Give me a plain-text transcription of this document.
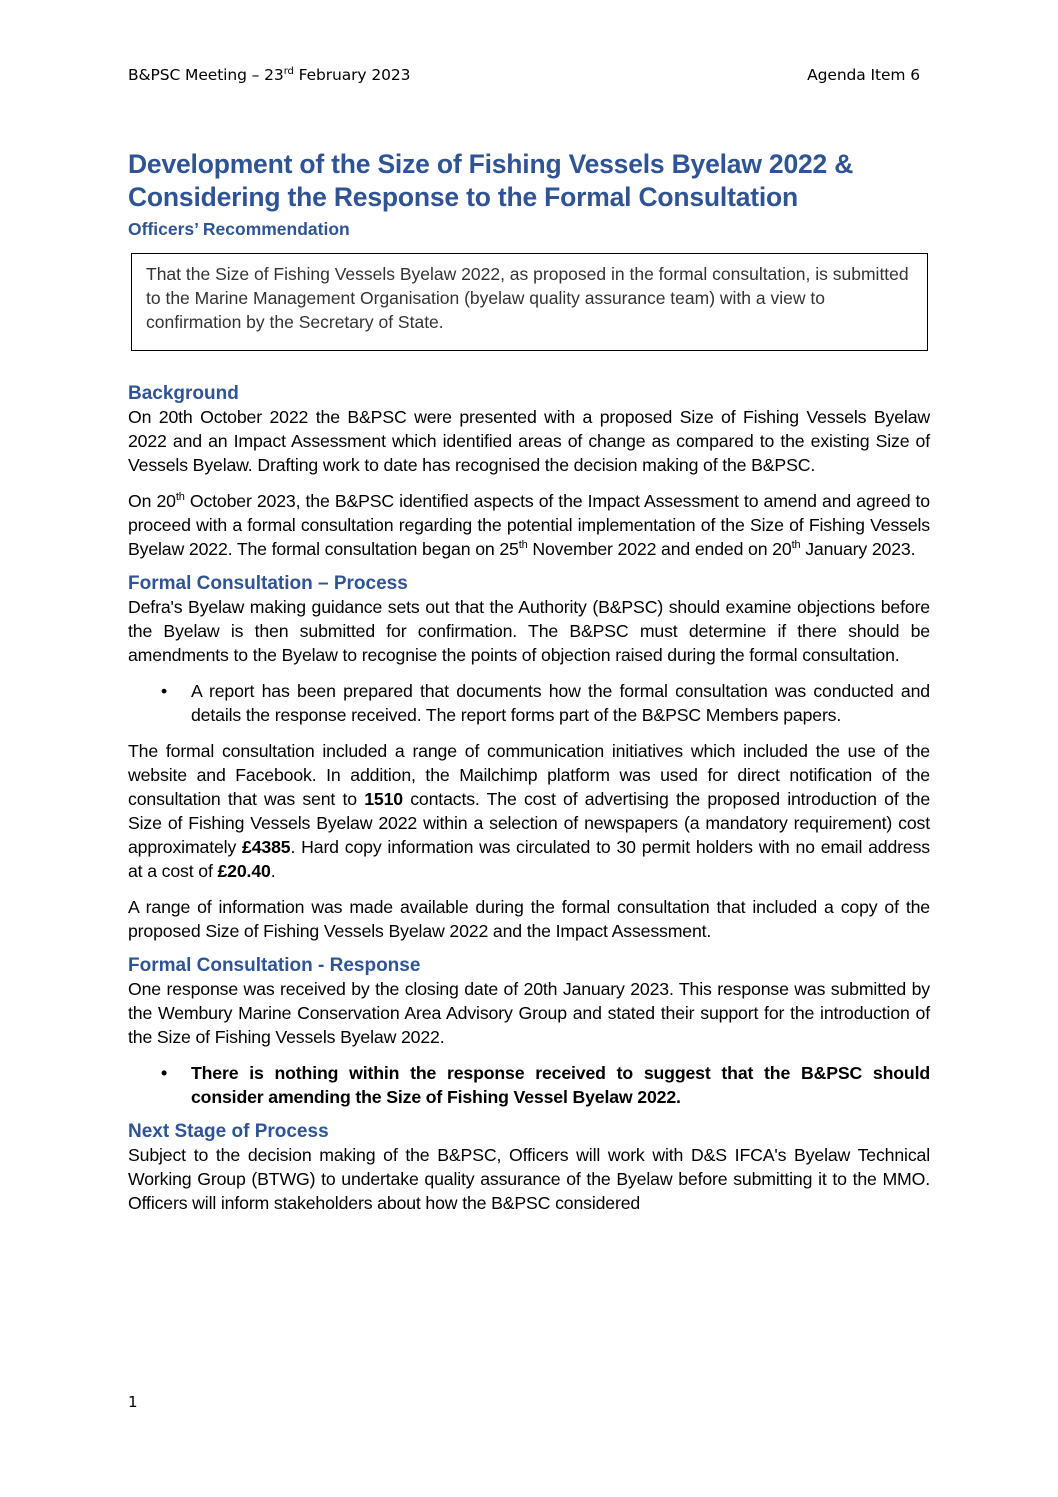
B&PSC Meeting – 23rd February 2023	Agenda Item 6
Development of the Size of Fishing Vessels Byelaw 2022 &
Considering the Response to the Formal Consultation
Officers’ Recommendation
That the Size of Fishing Vessels Byelaw 2022, as proposed in the formal consultation, is submitted to the Marine Management Organisation (byelaw quality assurance team) with a view to confirmation by the Secretary of State.
Background

On 20th October 2022 the B&PSC were presented with a proposed Size of Fishing Vessels Byelaw 2022 and an Impact Assessment which identified areas of change as compared to the existing Size of Vessels Byelaw. Drafting work to date has recognised the decision making of the B&PSC.

On 20th October 2023, the B&PSC identified aspects of the Impact Assessment to amend and agreed to proceed with a formal consultation regarding the potential implementation of the Size of Fishing Vessels Byelaw 2022. The formal consultation began on 25th November 2022 and ended on 20th January 2023.

Formal Consultation – Process

Defra's Byelaw making guidance sets out that the Authority (B&PSC) should examine objections before the Byelaw is then submitted for confirmation. The B&PSC must determine if there should be amendments to the Byelaw to recognise the points of objection raised during the formal consultation.

• A report has been prepared that documents how the formal consultation was conducted and details the response received. The report forms part of the B&PSC Members papers.

The formal consultation included a range of communication initiatives which included the use of the website and Facebook. In addition, the Mailchimp platform was used for direct notification of the consultation that was sent to 1510 contacts. The cost of advertising the proposed introduction of the Size of Fishing Vessels Byelaw 2022 within a selection of newspapers (a mandatory requirement) cost approximately £4385. Hard copy information was circulated to 30 permit holders with no email address at a cost of £20.40.

A range of information was made available during the formal consultation that included a copy of the proposed Size of Fishing Vessels Byelaw 2022 and the Impact Assessment.

Formal Consultation - Response

One response was received by the closing date of 20th January 2023. This response was submitted by the Wembury Marine Conservation Area Advisory Group and stated their support for the introduction of the Size of Fishing Vessels Byelaw 2022.

• There is nothing within the response received to suggest that the B&PSC should consider amending the Size of Fishing Vessel Byelaw 2022.

Next Stage of Process

Subject to the decision making of the B&PSC, Officers will work with D&S IFCA's Byelaw Technical Working Group (BTWG) to undertake quality assurance of the Byelaw before submitting it to the MMO. Officers will inform stakeholders about how the B&PSC considered

1
